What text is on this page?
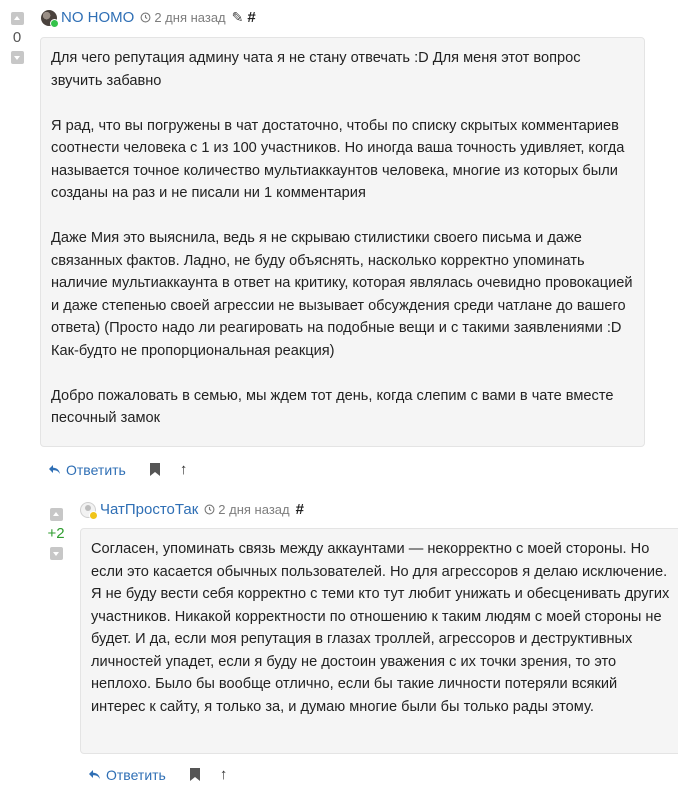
0
NO HOMO 2 дня назад ✎ #

Для чего репутация админу чата я не стану отвечать :D Для меня этот вопрос звучить забавно

Я рад, что вы погружены в чат достаточно, чтобы по списку скрытых комментариев соотнести человека с 1 из 100 участников. Но иногда ваша точность удивляет, когда называется точное количество мультиаккаунтов человека, многие из которых были созданы на раз и не писали ни 1 комментария

Даже Мия это выяснила, ведь я не скрываю стилистики своего письма и даже связанных фактов. Ладно, не буду объяснять, насколько корректно упоминать наличие мультиаккаунта в ответ на критику, которая являлась очевидно провокацией и даже степенью своей агрессии не вызывает обсуждения среди чатлане до вашего ответа) (Просто надо ли реагировать на подобные вещи и с такими заявлениями :D Как-будто не пропорциональная реакция)

Добро пожаловать в семью, мы ждем тот день, когда слепим с вами в чате вместе песочный замок

Ответить	↑
+2
ЧатПростоТак 2 дня назад #

Согласен, упоминать связь между аккаунтами — некорректно с моей стороны. Но если это касается обычных пользователей. Но для агрессоров я делаю исключение. Я не буду вести себя корректно с теми кто тут любит унижать и обесценивать других участников. Никакой корректности по отношению к таким людям с моей стороны не будет. И да, если моя репутация в глазах троллей, агрессоров и деструктивных личностей упадет, если я буду не достоин уважения с их точки зрения, то это неплохо. Было бы вообще отлично, если бы такие личности потеряли всякий интерес к сайту, я только за, и думаю многие были бы только рады этому.

Ответить	↑
